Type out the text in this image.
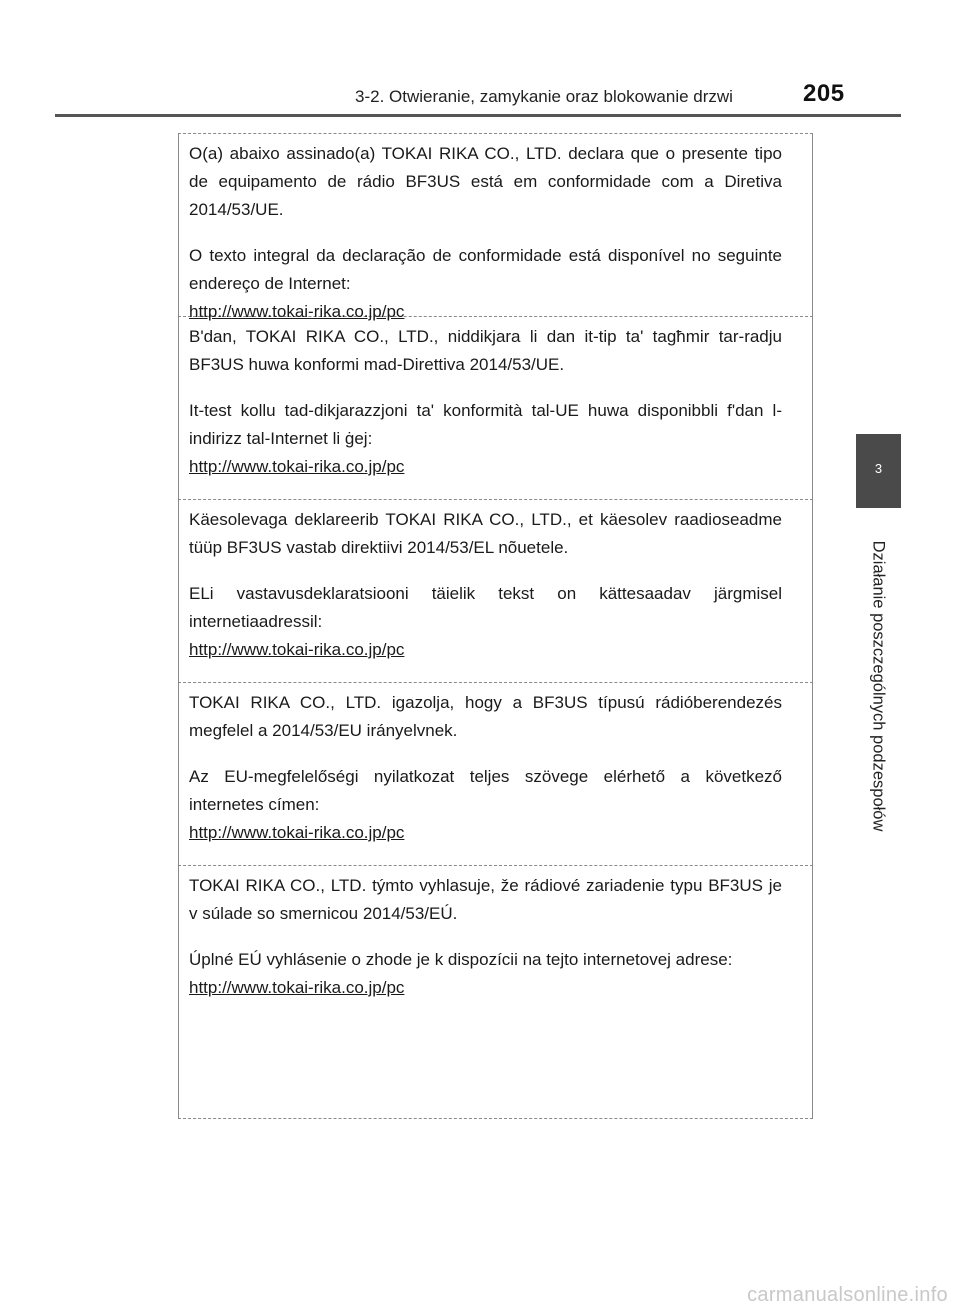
3-2. Otwieranie, zamykanie oraz blokowanie drzwi	205
3
Działanie poszczególnych podzespołów

O(a) abaixo assinado(a) TOKAI RIKA CO., LTD. declara que o presente tipo de equipamento de rádio BF3US está em conformidade com a Diretiva 2014/53/UE.

O texto integral da declaração de conformidade está disponível no seguinte endereço de Internet:

http://www.tokai-rika.co.jp/pc

B'dan, TOKAI RIKA CO., LTD., niddikjara li dan it-tip ta' tagħmir tar-radju BF3US huwa konformi mad-Direttiva 2014/53/UE.

It-test kollu tad-dikjarazzjoni ta' konformità tal-UE huwa disponibbli f'dan l-indirizz tal-Internet li ġej:

http://www.tokai-rika.co.jp/pc

Käesolevaga deklareerib TOKAI RIKA CO., LTD., et käesolev raadioseadme tüüp BF3US vastab direktiivi 2014/53/EL nõuetele.

ELi vastavusdeklaratsiooni täielik tekst on kättesaadav järgmisel internetiaadressil:

http://www.tokai-rika.co.jp/pc

TOKAI RIKA CO., LTD. igazolja, hogy a BF3US típusú rádióberendezés megfelel a 2014/53/EU irányelvnek.

Az EU-megfelelőségi nyilatkozat teljes szövege elérhető a következő internetes címen:

http://www.tokai-rika.co.jp/pc

TOKAI RIKA CO., LTD. týmto vyhlasuje, že rádiové zariadenie typu BF3US je v súlade so smernicou 2014/53/EÚ.

Úplné EÚ vyhlásenie o zhode je k dispozícii na tejto internetovej adrese:

http://www.tokai-rika.co.jp/pc
carmanualsonline.info
